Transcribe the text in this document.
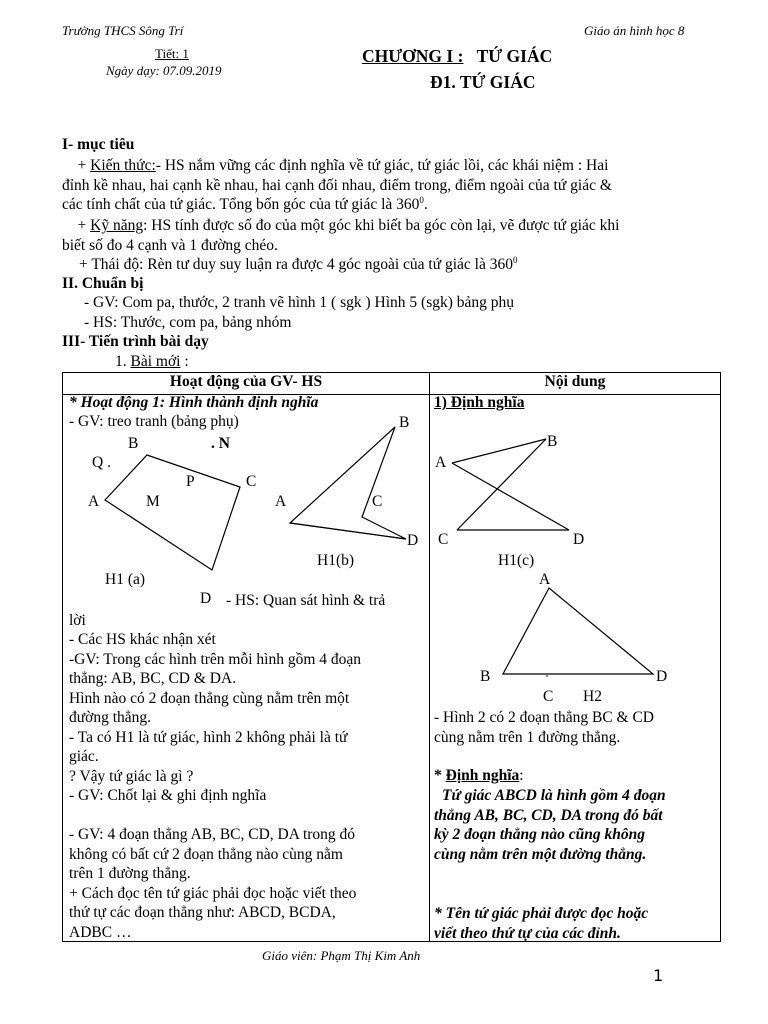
Trường THCS Sông Trí	Giáo án hình học 8
Tiết: 1
Ngày dạy: 07.09.2019
CHƯƠNG I : TỨ GIÁC
Đ1. TỨ GIÁC
I- mục tiêu
+ Kiến thức:- HS nắm vững các định nghĩa về tứ giác, tứ giác lồi, các khái niệm : Hai
đỉnh kề nhau, hai cạnh kề nhau, hai cạnh đối nhau, điểm trong, điểm ngoài của tứ giác &
các tính chất của tứ giác. Tổng bốn góc của tứ giác là $360^0$.
+ Kỹ năng: HS tính được số đo của một góc khi biết ba góc còn lại, vẽ được tứ giác khi
biết số đo 4 cạnh và 1 đường chéo.
+ Thái độ: Rèn tư duy suy luận ra được 4 góc ngoài của tứ giác là $360^0$
II. Chuẩn bị
- GV: Com pa, thước, 2 tranh vẽ hình 1 ( sgk ) Hình 5 (sgk) bảng phụ
- HS: Thước, com pa, bảng nhóm
III- Tiến trình bài dạy
1. Bài mới :
Hoạt động của GV- HS	Nội dung

* Hoạt động 1: Hình thành định nghĩa
- GV: treo tranh (bảng phụ)
B	. N
Q .
P	C
A	M
D
H1 (a)
B
A	C
D
H1(b)
- HS: Quan sát hình & trả
lời
- Các HS khác nhận xét
-GV: Trong các hình trên mỗi hình gồm 4 đoạn
thẳng: AB, BC, CD & DA.
Hình nào có 2 đoạn thẳng cùng nằm trên một
đường thẳng.
- Ta có H1 là tứ giác, hình 2 không phải là tứ
giác.
? Vậy tứ giác là gì ?
- GV: Chốt lại & ghi định nghĩa
- GV: 4 đoạn thẳng AB, BC, CD, DA trong đó
không có bất cứ 2 đoạn thẳng nào cùng nằm
trên 1 đường thẳng.
+ Cách đọc tên tứ giác phải đọc hoặc viết theo
thứ tự các đoạn thẳng như: ABCD, BCDA,
ADBC …
1) Định nghĩa
B
A
C	D
H1(c)
A
B	D
C H2
- Hình 2 có 2 đoạn thẳng BC & CD
cùng nằm trên 1 đường thẳng.
* Định nghĩa:
Tứ giác ABCD là hình gồm 4 đoạn
thẳng AB, BC, CD, DA trong đó bất
kỳ 2 đoạn thẳng nào cũng không
cùng nằm trên một đường thẳng.
* Tên tứ giác phải được đọc hoặc
viết theo thứ tự của các đỉnh.
Giáo viên: Phạm Thị Kim Anh
1
